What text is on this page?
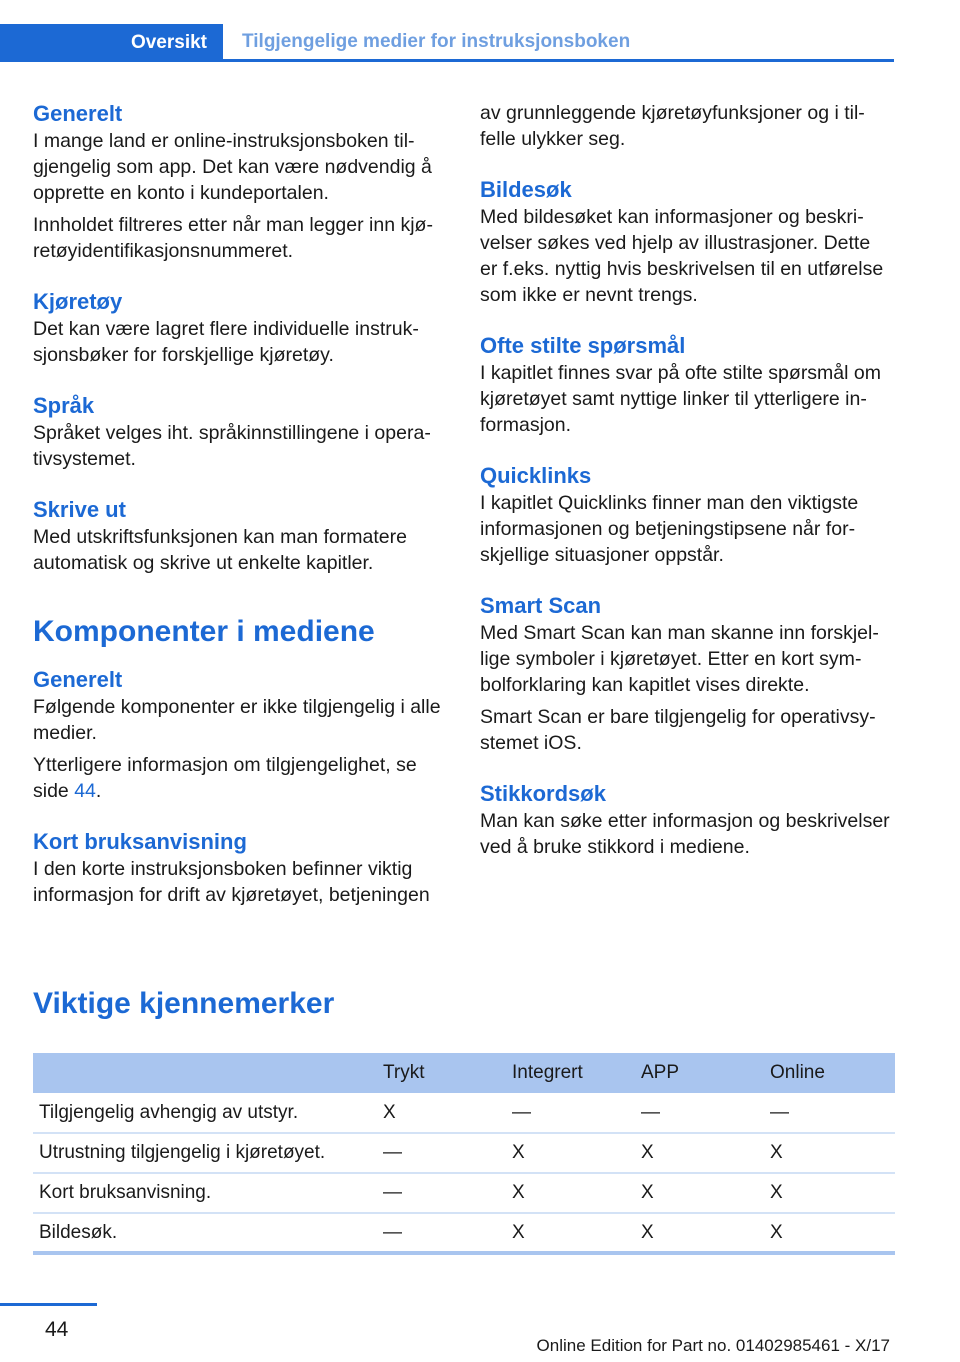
Oversikt	Tilgjengelige medier for instruksjonsboken
Generelt

I mange land er online-instruksjonsboken tilgjengelig som app. Det kan være nødvendig å opprette en konto i kundeportalen.

Innholdet filtreres etter når man legger inn kjøretøyidentifikasjonsnummeret.

Kjøretøy

Det kan være lagret flere individuelle instruksjonsbøker for forskjellige kjøretøy.

Språk

Språket velges iht. språkinnstillingene i operativsystemet.

Skrive ut

Med utskriftsfunksjonen kan man formatere automatisk og skrive ut enkelte kapitler.

Komponenter i mediene
Generelt

Følgende komponenter er ikke tilgjengelig i alle medier.

Ytterligere informasjon om tilgjengelighet, se side 44.

Kort bruksanvisning

I den korte instruksjonsboken befinner viktig informasjon for drift av kjøretøyet, betjeningen

av grunnleggende kjøretøyfunksjoner og i tilfelle ulykker seg.

Bildesøk

Med bildesøket kan informasjoner og beskrivelser søkes ved hjelp av illustrasjoner. Dette er f.eks. nyttig hvis beskrivelsen til en utførelse som ikke er nevnt trengs.

Ofte stilte spørsmål

I kapitlet finnes svar på ofte stilte spørsmål om kjøretøyet samt nyttige linker til ytterligere informasjon.

Quicklinks

I kapitlet Quicklinks finner man den viktigste informasjonen og betjeningstipsene når forskjellige situasjoner oppstår.

Smart Scan

Med Smart Scan kan man skanne inn forskjellige symboler i kjøretøyet. Etter en kort symbolforklaring kan kapitlet vises direkte.

Smart Scan er bare tilgjengelig for operativsystemet iOS.

Stikkordsøk

Man kan søke etter informasjon og beskrivelser ved å bruke stikkord i mediene.

Viktige kjennemerker
	Trykt	Integrert	APP	Online
Tilgjengelig avhengig av utstyr.	X	—	—	—
Utrustning tilgjengelig i kjøretøyet.	—	X	X	X
Kort bruksanvisning.	—	X	X	X
Bildesøk.	—	X	X	X
44
Online Edition for Part no. 01402985461 - X/17
